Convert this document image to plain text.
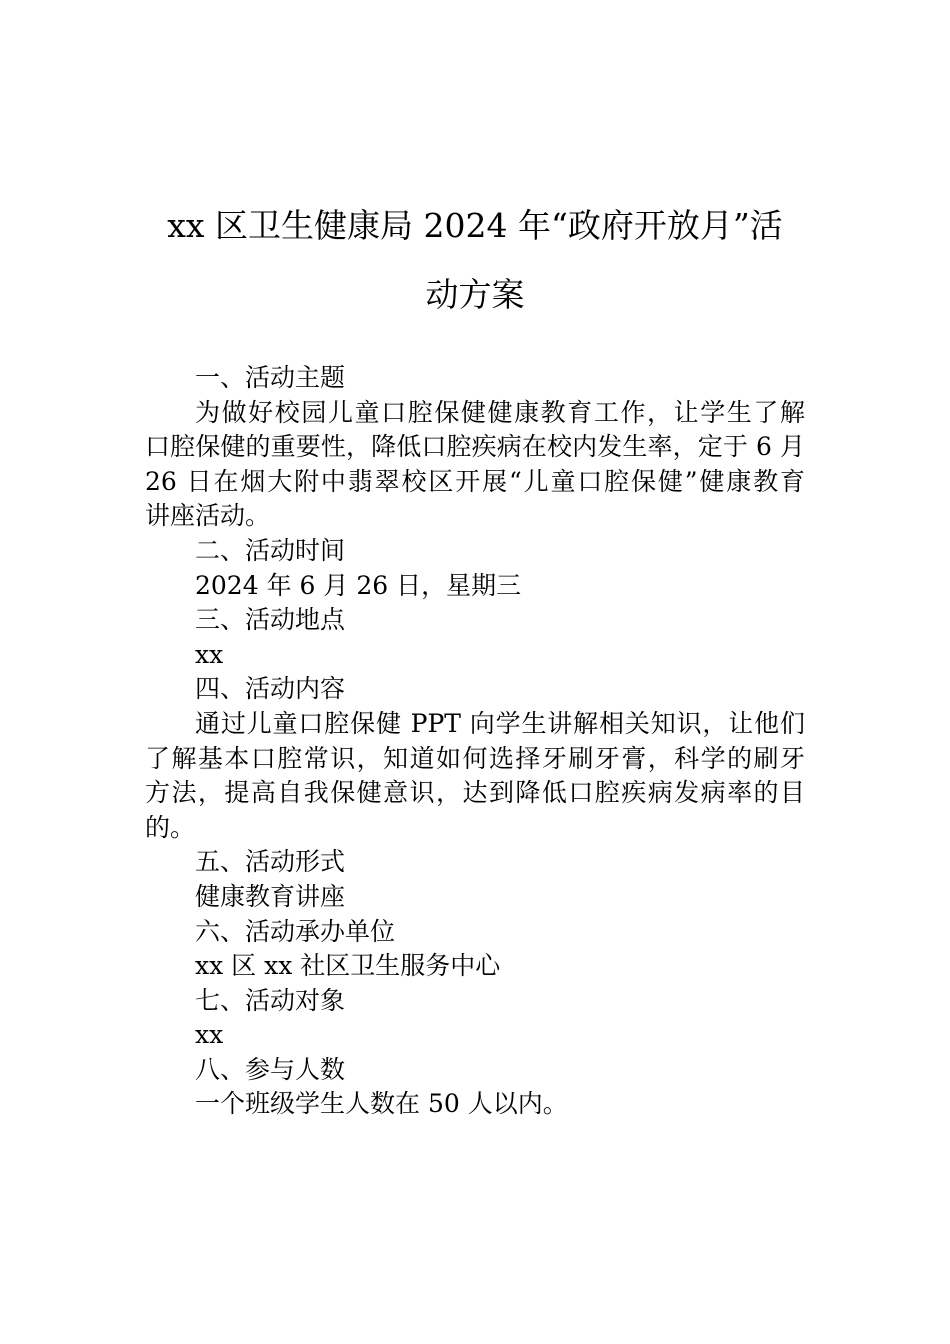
xx 区卫生健康局 2024 年“政府开放月”活
动方案
一、活动主题
为做好校园儿童口腔保健健康教育工作，让学生了解
口腔保健的重要性，降低口腔疾病在校内发生率，定于 6 月
26 日在烟大附中翡翠校区开展“儿童口腔保健”健康教育
讲座活动。
二、活动时间
2024 年 6 月 26 日，星期三
三、活动地点
xx
四、活动内容
通过儿童口腔保健 PPT 向学生讲解相关知识，让他们
了解基本口腔常识，知道如何选择牙刷牙膏，科学的刷牙
方法，提高自我保健意识，达到降低口腔疾病发病率的目
的。
五、活动形式
健康教育讲座
六、活动承办单位
xx 区 xx 社区卫生服务中心
七、活动对象
xx
八、参与人数
一个班级学生人数在 50 人以内。
